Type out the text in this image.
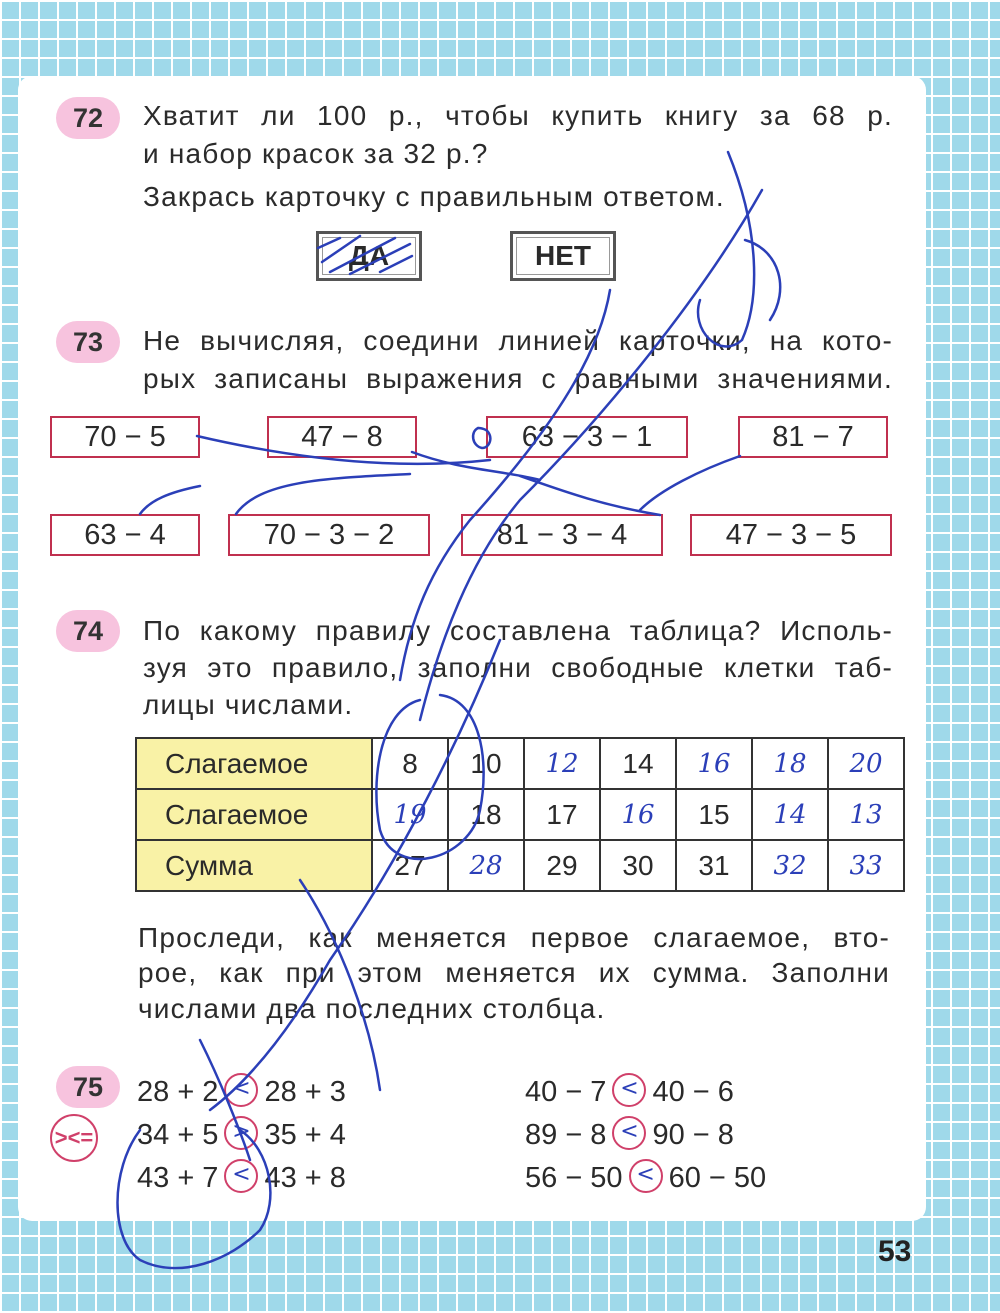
72	Хватит ли 100 р., чтобы купить книгу за 68 р.
и набор красок за 32 р.?
Закрась карточку с правильным ответом.
ДА	НЕТ
73	Не вычисляя, соедини линией карточки, на кото-
рых записаны выражения с равными значениями.
70 − 5	47 − 8	63 − 3 − 1	81 − 7
63 − 4	70 − 3 − 2	81 − 3 − 4	47 − 3 − 5
74	По какому правилу составлена таблица? Исполь-
зуя это правило, заполни свободные клетки таб-
лицы числами.
Слагаемое	8	10	12	14	16	18	20
Слагаемое	19	18	17	16	15	14	13
Сумма	27	28	29	30	31	32	33
Проследи, как меняется первое слагаемое, вто-
рое, как при этом меняется их сумма. Заполни
числами два последних столбца.
75
><=
28 + 2 < 28 + 3
34 + 5 > 35 + 4
43 + 7 < 43 + 8
40 − 7 < 40 − 6
89 − 8 < 90 − 8
56 − 50 < 60 − 50
53
